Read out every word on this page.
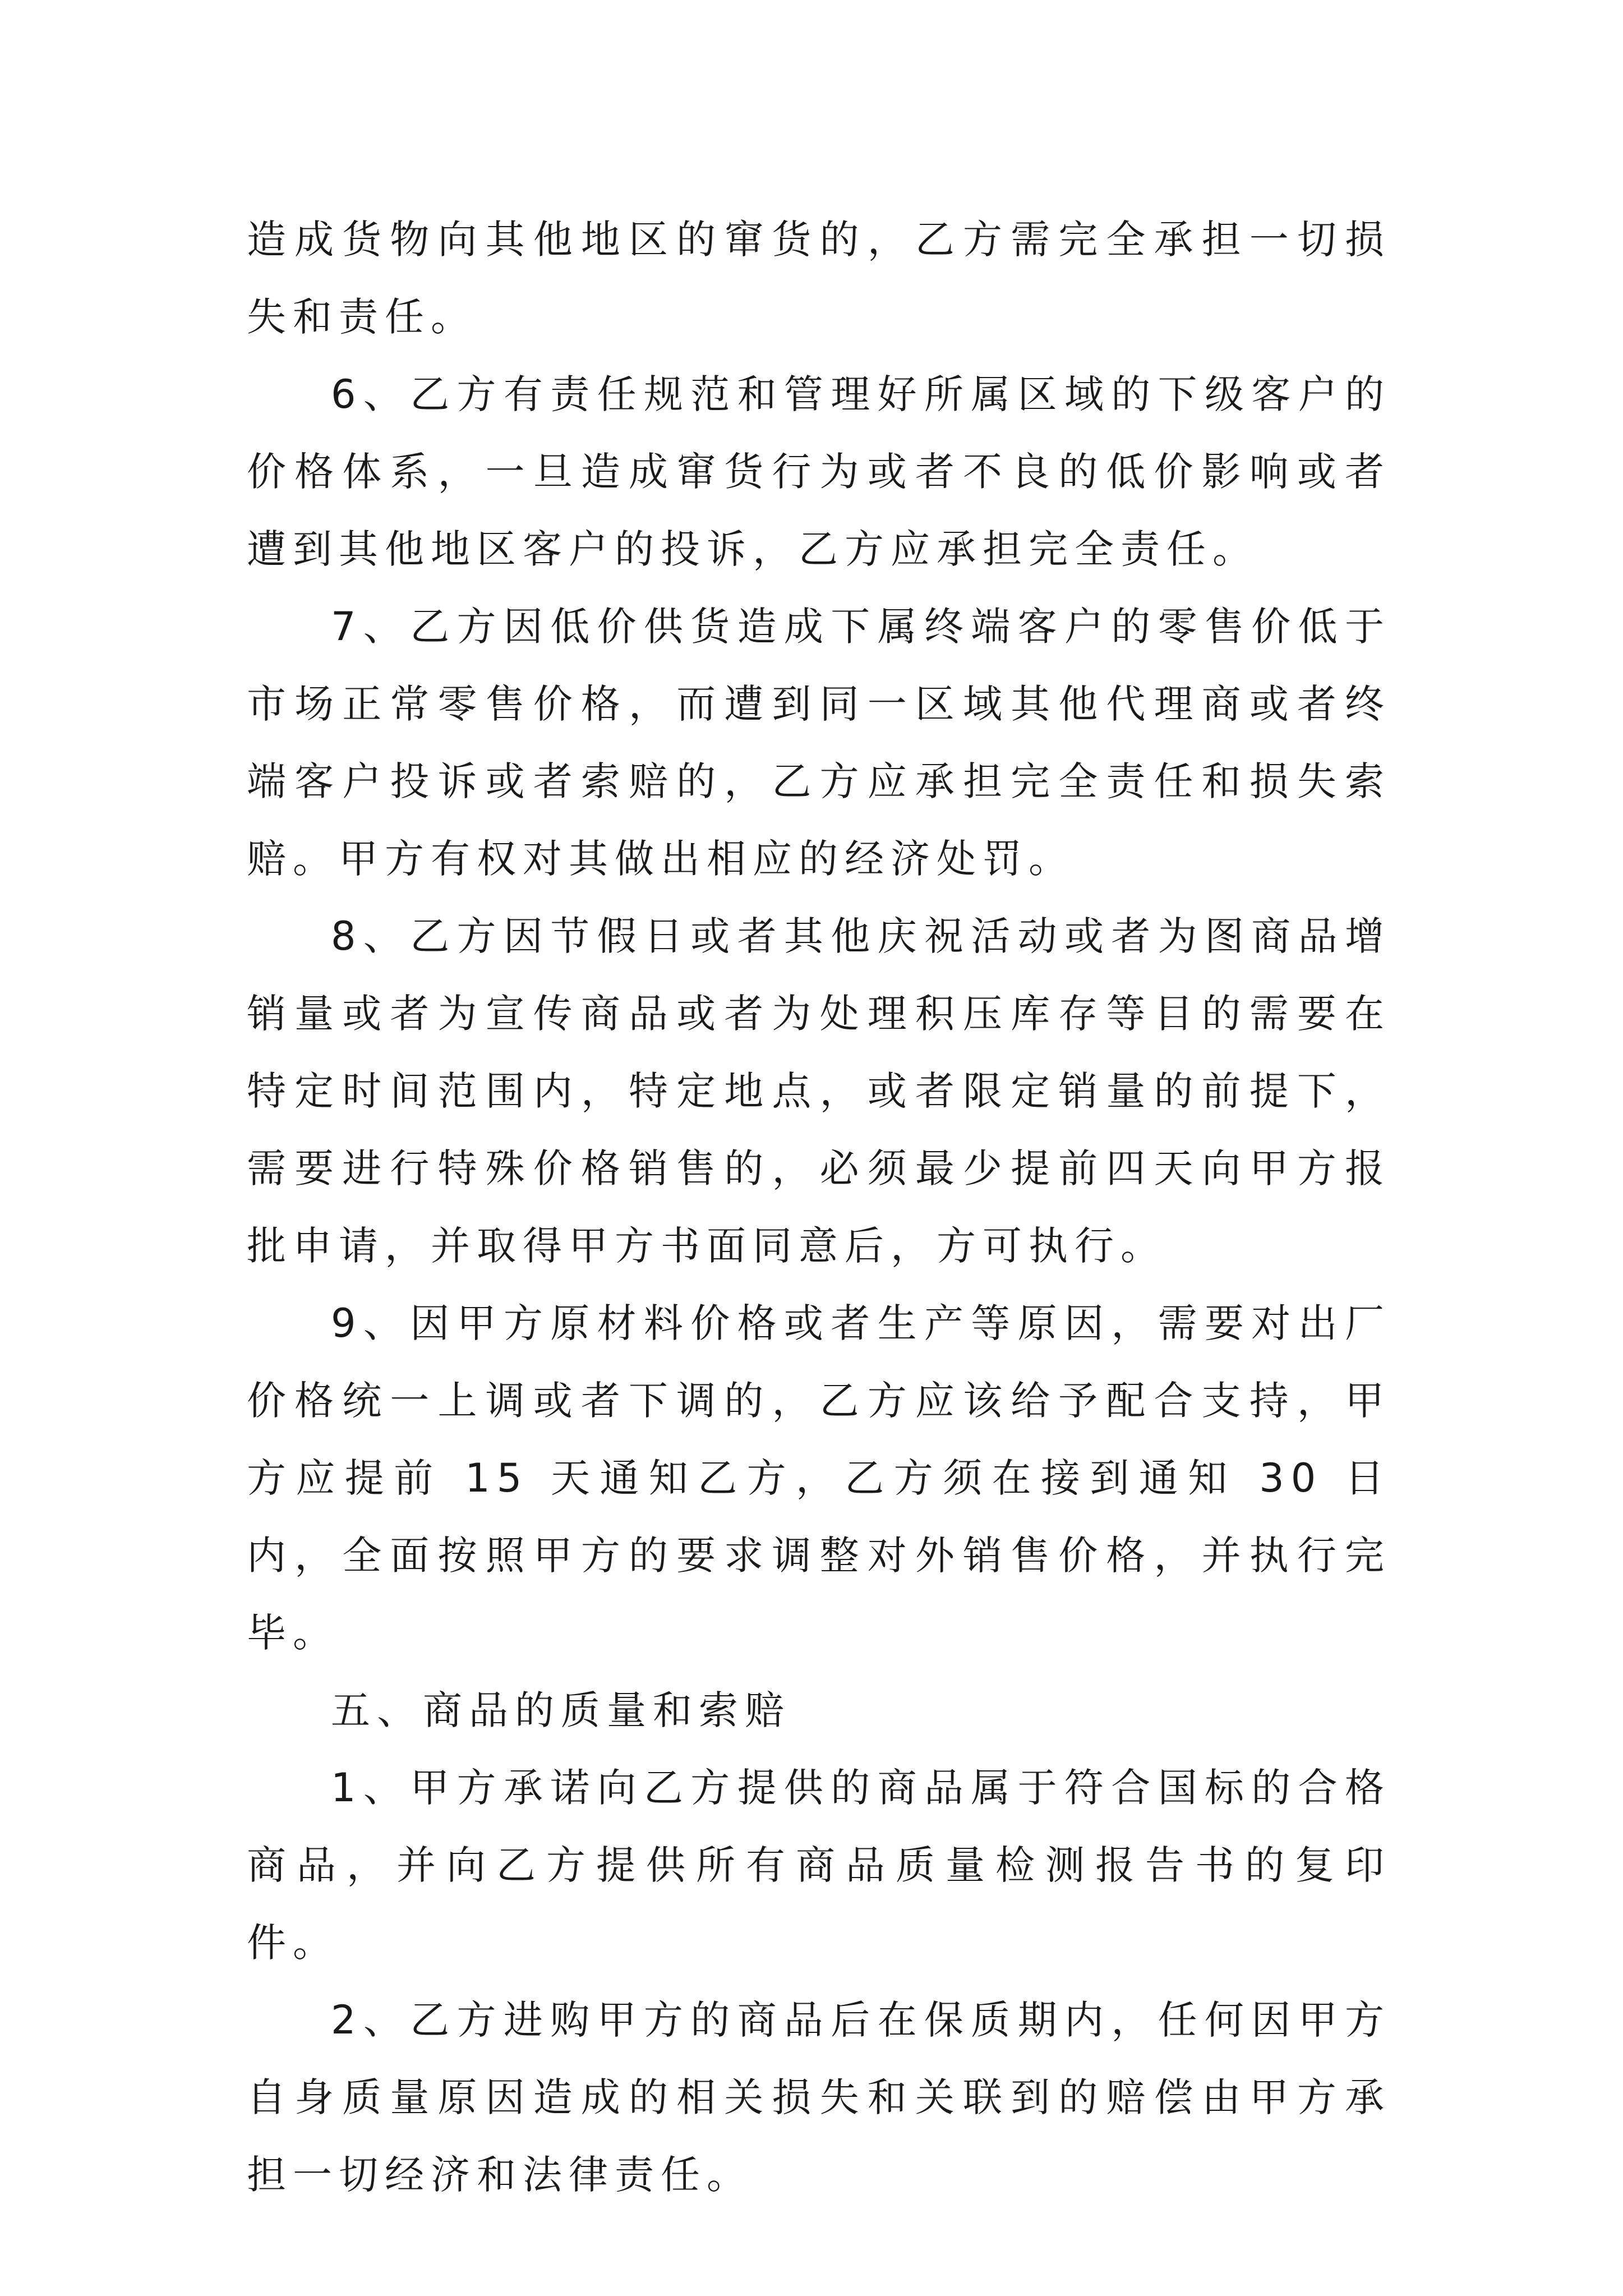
造成货物向其他地区的窜货的，乙方需完全承担一切损失和责任。

6、乙方有责任规范和管理好所属区域的下级客户的价格体系，一旦造成窜货行为或者不良的低价影响或者遭到其他地区客户的投诉，乙方应承担完全责任。

7、乙方因低价供货造成下属终端客户的零售价低于市场正常零售价格，而遭到同一区域其他代理商或者终端客户投诉或者索赔的，乙方应承担完全责任和损失索赔。甲方有权对其做出相应的经济处罚。

8、乙方因节假日或者其他庆祝活动或者为图商品增销量或者为宣传商品或者为处理积压库存等目的需要在特定时间范围内，特定地点，或者限定销量的前提下，需要进行特殊价格销售的，必须最少提前四天向甲方报批申请，并取得甲方书面同意后，方可执行。

9、因甲方原材料价格或者生产等原因，需要对出厂价格统一上调或者下调的，乙方应该给予配合支持，甲方应提前 15 天通知乙方，乙方须在接到通知 30 日内，全面按照甲方的要求调整对外销售价格，并执行完毕。

五、商品的质量和索赔

1、甲方承诺向乙方提供的商品属于符合国标的合格商品，并向乙方提供所有商品质量检测报告书的复印件。

2、乙方进购甲方的商品后在保质期内，任何因甲方自身质量原因造成的相关损失和关联到的赔偿由甲方承担一切经济和法律责任。
